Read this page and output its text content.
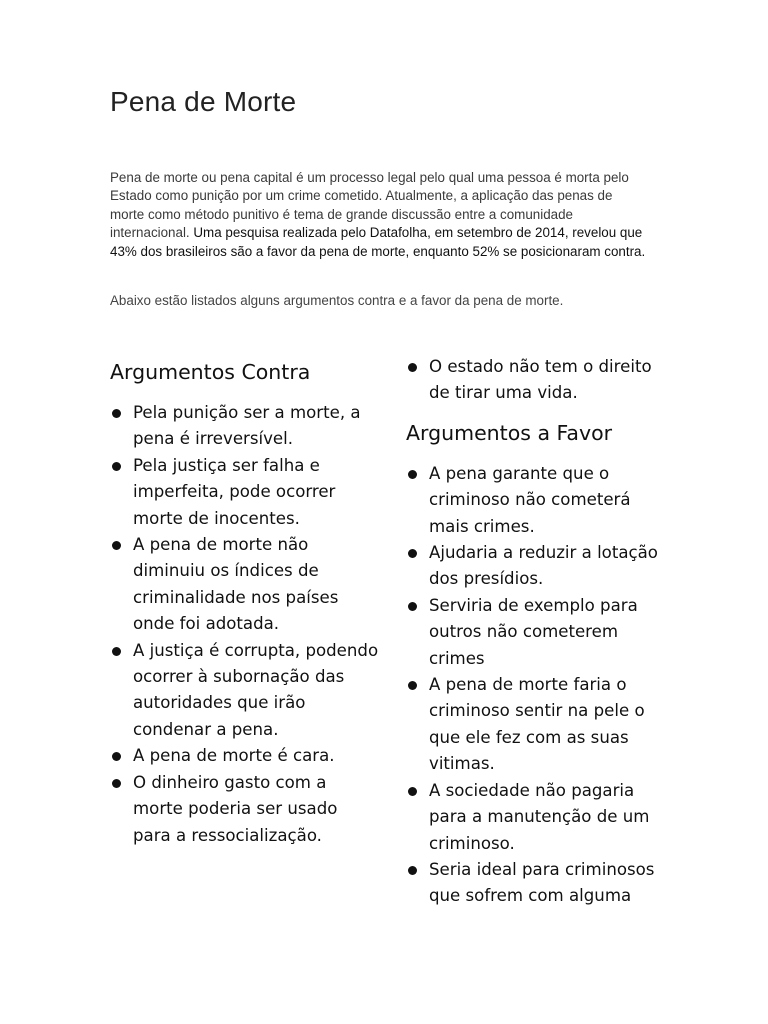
Pena de Morte

Pena de morte ou pena capital é um processo legal pelo qual uma pessoa é morta pelo Estado como punição por um crime cometido. Atualmente, a aplicação das penas de morte como método punitivo é tema de grande discussão entre a comunidade internacional. Uma pesquisa realizada pelo Datafolha, em setembro de 2014, revelou que 43% dos brasileiros são a favor da pena de morte, enquanto 52% se posicionaram contra.

Abaixo estão listados alguns argumentos contra e a favor da pena de morte.

Argumentos Contra
Pela punição ser a morte, a pena é irreversível.
Pela justiça ser falha e imperfeita, pode ocorrer morte de inocentes.
A pena de morte não diminuiu os índices de criminalidade nos países onde foi adotada.
A justiça é corrupta, podendo ocorrer à subornação das autoridades que irão condenar a pena.
A pena de morte é cara.
O dinheiro gasto com a morte poderia ser usado para a ressocialização.
O estado não tem o direito de tirar uma vida.
Argumentos a Favor
A pena garante que o criminoso não cometerá mais crimes.
Ajudaria a reduzir a lotação dos presídios.
Serviria de exemplo para outros não cometerem crimes
A pena de morte faria o criminoso sentir na pele o que ele fez com as suas vitimas.
A sociedade não pagaria para a manutenção de um criminoso.
Seria ideal para criminosos que sofrem com alguma
